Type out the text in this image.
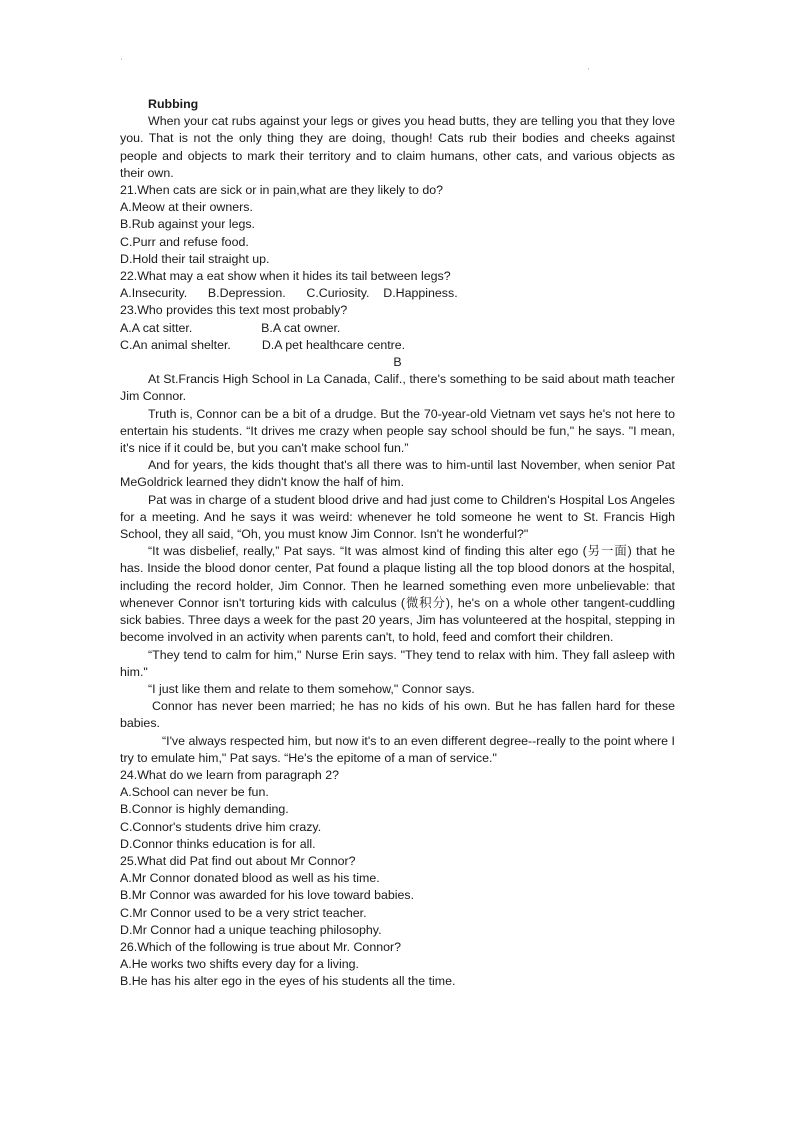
Rubbing

When your cat rubs against your legs or gives you head butts, they are telling you that they love you. That is not the only thing they are doing, though! Cats rub their bodies and cheeks against people and objects to mark their territory and to claim humans, other cats, and various objects as their own.

21.When cats are sick or in pain,what are they likely to do?
A.Meow at their owners.
B.Rub against your legs.
C.Purr and refuse food.
D.Hold their tail straight up.
22.What may a eat show when it hides its tail between legs?
A.Insecurity.      B.Depression.      C.Curiosity.    D.Happiness.
23.Who provides this text most probably?
A.A cat sitter.                    B.A cat owner.
C.An animal shelter.         D.A pet healthcare centre.
B

At St.Francis High School in La Canada, Calif., there's something to be said about math teacher Jim Connor.

Truth is, Connor can be a bit of a drudge. But the 70-year-old Vietnam vet says he's not here to entertain his students. “It drives me crazy when people say school should be fun," he says. "I mean, it's nice if it could be, but you can't make school fun.”

And for years, the kids thought that's all there was to him-until last November, when senior Pat MeGoldrick learned they didn't know the half of him.

Pat was in charge of a student blood drive and had just come to Children's Hospital Los Angeles for a meeting. And he says it was weird: whenever he told someone he went to St. Francis High School, they all said, “Oh, you must know Jim Connor. Isn't he wonderful?"

“It was disbelief, really,” Pat says. “It was almost kind of finding this alter ego (另一面) that he has. Inside the blood donor center, Pat found a plaque listing all the top blood donors at the hospital, including the record holder, Jim Connor. Then he learned something even more unbelievable: that whenever Connor isn't torturing kids with calculus (微积分), he's on a whole other tangent-cuddling sick babies. Three days a week for the past 20 years, Jim has volunteered at the hospital, stepping in become involved in an activity when parents can't, to hold, feed and comfort their children.

“They tend to calm for him," Nurse Erin says. "They tend to relax with him. They fall asleep with him."

“I just like them and relate to them somehow," Connor says.

Connor has never been married; he has no kids of his own. But he has fallen hard for these babies.

“I've always respected him, but now it's to an even different degree--really to the point where I try to emulate him," Pat says. “He's the epitome of a man of service."

24.What do we learn from paragraph 2?
A.School can never be fun.
B.Connor is highly demanding.
C.Connor's students drive him crazy.
D.Connor thinks education is for all.
25.What did Pat find out about Mr Connor?
A.Mr Connor donated blood as well as his time.
B.Mr Connor was awarded for his love toward babies.
C.Mr Connor used to be a very strict teacher.
D.Mr Connor had a unique teaching philosophy.
26.Which of the following is true about Mr. Connor?
A.He works two shifts every day for a living.
B.He has his alter ego in the eyes of his students all the time.
